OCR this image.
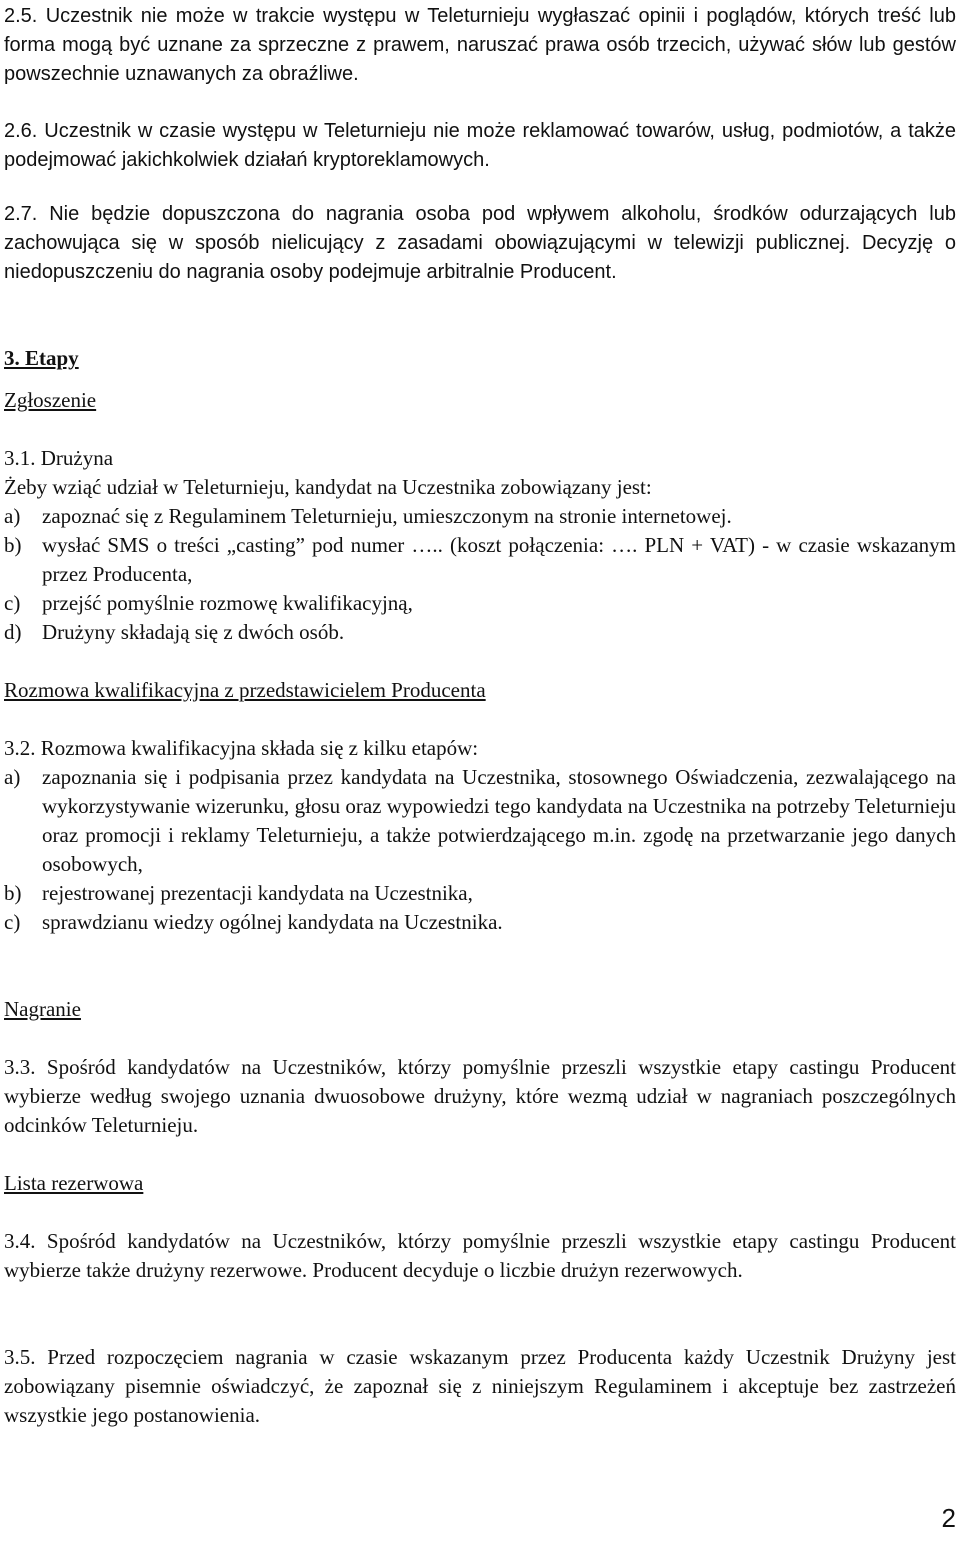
2.5. Uczestnik nie może w trakcie występu w Teleturnieju wygłaszać opinii i poglądów, których treść lub forma mogą być uznane za sprzeczne z prawem, naruszać prawa osób trzecich, używać słów lub gestów powszechnie uznawanych za obraźliwe.

2.6. Uczestnik w czasie występu w Teleturnieju nie może reklamować towarów, usług, podmiotów, a także podejmować jakichkolwiek działań kryptoreklamowych.

2.7. Nie będzie dopuszczona do nagrania osoba pod wpływem alkoholu, środków odurzających lub zachowująca się w sposób nielicujący z zasadami obowiązującymi w telewizji publicznej. Decyzję o niedopuszczeniu do nagrania osoby podejmuje arbitralnie Producent.

3. Etapy

Zgłoszenie

3.1. Drużyna

Żeby wziąć udział w Teleturnieju, kandydat na Uczestnika zobowiązany jest:

a)	zapoznać się z Regulaminem Teleturnieju, umieszczonym na stronie internetowej.
b) wysłać SMS o treści „casting” pod numer ….. (koszt połączenia: …. PLN + VAT) - w czasie wskazanym przez Producenta,
c)	przejść pomyślnie rozmowę kwalifikacyjną,
d) Drużyny składają się z dwóch osób.

Rozmowa kwalifikacyjna z przedstawicielem Producenta

3.2. Rozmowa kwalifikacyjna składa się z kilku etapów:

a)	zapoznania się i podpisania przez kandydata na Uczestnika, stosownego Oświadczenia, zezwalającego na wykorzystywanie wizerunku, głosu oraz wypowiedzi tego kandydata na Uczestnika na potrzeby Teleturnieju oraz promocji i reklamy Teleturnieju, a także potwierdzającego m.in. zgodę na przetwarzanie jego danych osobowych,
b) rejestrowanej prezentacji kandydata na Uczestnika,
c)	sprawdzianu wiedzy ogólnej kandydata na Uczestnika.

Nagranie

3.3. Spośród kandydatów na Uczestników, którzy pomyślnie przeszli wszystkie etapy castingu Producent wybierze według swojego uznania dwuosobowe drużyny, które wezmą udział w nagraniach poszczególnych odcinków Teleturnieju.

Lista rezerwowa

3.4. Spośród kandydatów na Uczestników, którzy pomyślnie przeszli wszystkie etapy castingu Producent wybierze także drużyny rezerwowe. Producent decyduje o liczbie drużyn rezerwowych.

3.5. Przed rozpoczęciem nagrania w czasie wskazanym przez Producenta każdy Uczestnik Drużyny jest zobowiązany pisemnie oświadczyć, że zapoznał się z niniejszym Regulaminem i akceptuje bez zastrzeżeń wszystkie jego postanowienia.

2
